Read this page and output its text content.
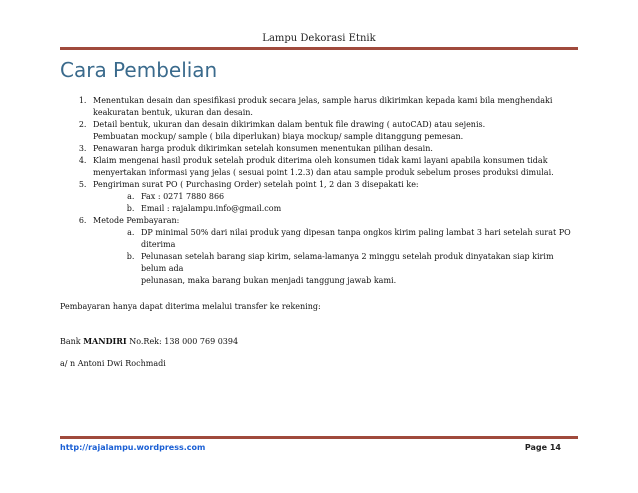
Lampu Dekorasi Etnik
Cara Pembelian
1. Menentukan desain dan spesifikasi produk secara jelas, sample harus dikirimkan kepada kami bila menghendaki
keakuratan bentuk, ukuran dan desain.
2. Detail bentuk, ukuran dan desain dikirimkan dalam bentuk file drawing ( autoCAD) atau sejenis.
Pembuatan mockup/ sample ( bila diperlukan) biaya mockup/ sample ditanggung pemesan.
3. Penawaran harga produk dikirimkan setelah konsumen menentukan pilihan desain.
4. Klaim mengenai hasil produk setelah produk diterima oleh konsumen tidak kami layani apabila konsumen tidak
menyertakan informasi yang jelas ( sesuai point 1.2.3) dan atau sample produk sebelum proses produksi dimulai.
5. Pengiriman surat PO ( Purchasing Order) setelah point 1, 2 dan 3 disepakati ke:
a. Fax : 0271 7880 866
b. Email : rajalampu.info@gmail.com
6. Metode Pembayaran:
a. DP minimal 50% dari nilai produk yang dipesan tanpa ongkos kirim paling lambat 3 hari setelah surat PO
diterima
b. Pelunasan setelah barang siap kirim, selama-lamanya 2 minggu setelah produk dinyatakan siap kirim belum ada
pelunasan, maka barang bukan menjadi tanggung jawab kami.

Pembayaran hanya dapat diterima melalui transfer ke rekening:

Bank MANDIRI No.Rek: 138 000 769 0394

a/ n Antoni Dwi Rochmadi

http://rajalampu.wordpress.com	Page 14
